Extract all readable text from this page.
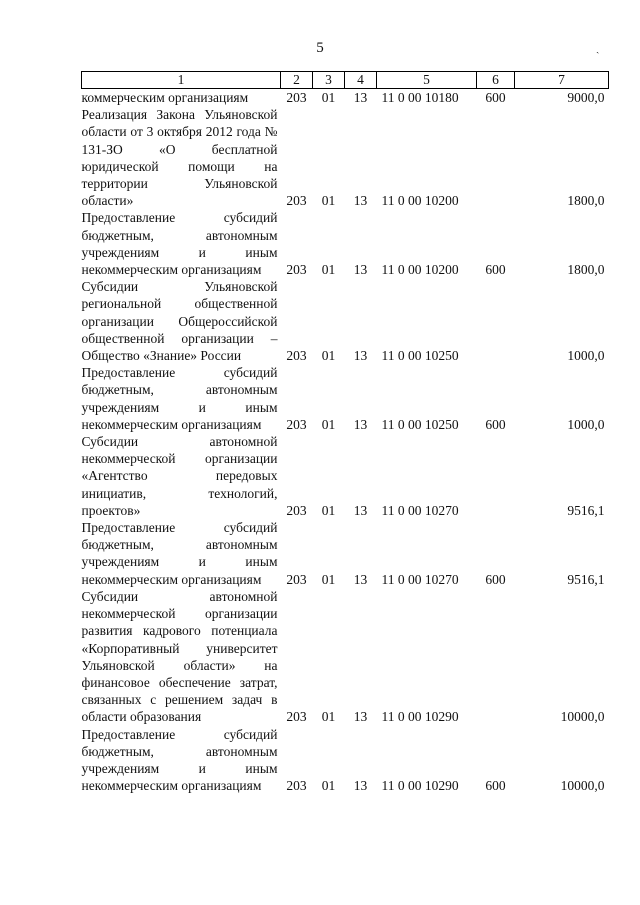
5	ˏ
1	2	3	4	5	6	7
коммерческим организациям	203	01	13	11 0 00 10180	600	9000,0
Реализация Закона Ульяновской области от 3 октября 2012 года № 131-ЗО «О бесплатной юридической помощи на территории Ульяновской области»	203	01	13	11 0 00 10200		1800,0
Предоставление субсидий бюджетным, автономным учреждениям и иным некоммерческим организациям	203	01	13	11 0 00 10200	600	1800,0
Субсидии Ульяновской региональной общественной организации Общероссийской общественной организации – Общество «Знание» России	203	01	13	11 0 00 10250		1000,0
Предоставление субсидий бюджетным, автономным учреждениям и иным некоммерческим организациям	203	01	13	11 0 00 10250	600	1000,0
Субсидии автономной некоммерческой организации «Агентство передовых инициатив, технологий, проектов»	203	01	13	11 0 00 10270		9516,1
Предоставление субсидий бюджетным, автономным учреждениям и иным некоммерческим организациям	203	01	13	11 0 00 10270	600	9516,1
Субсидии автономной некоммерческой организации развития кадрового потенциала «Корпоративный университет Ульяновской области» на финансовое обеспечение затрат, связанных с решением задач в области образования	203	01	13	11 0 00 10290		10000,0
Предоставление субсидий бюджетным, автономным учреждениям и иным некоммерческим организациям	203	01	13	11 0 00 10290	600	10000,0
